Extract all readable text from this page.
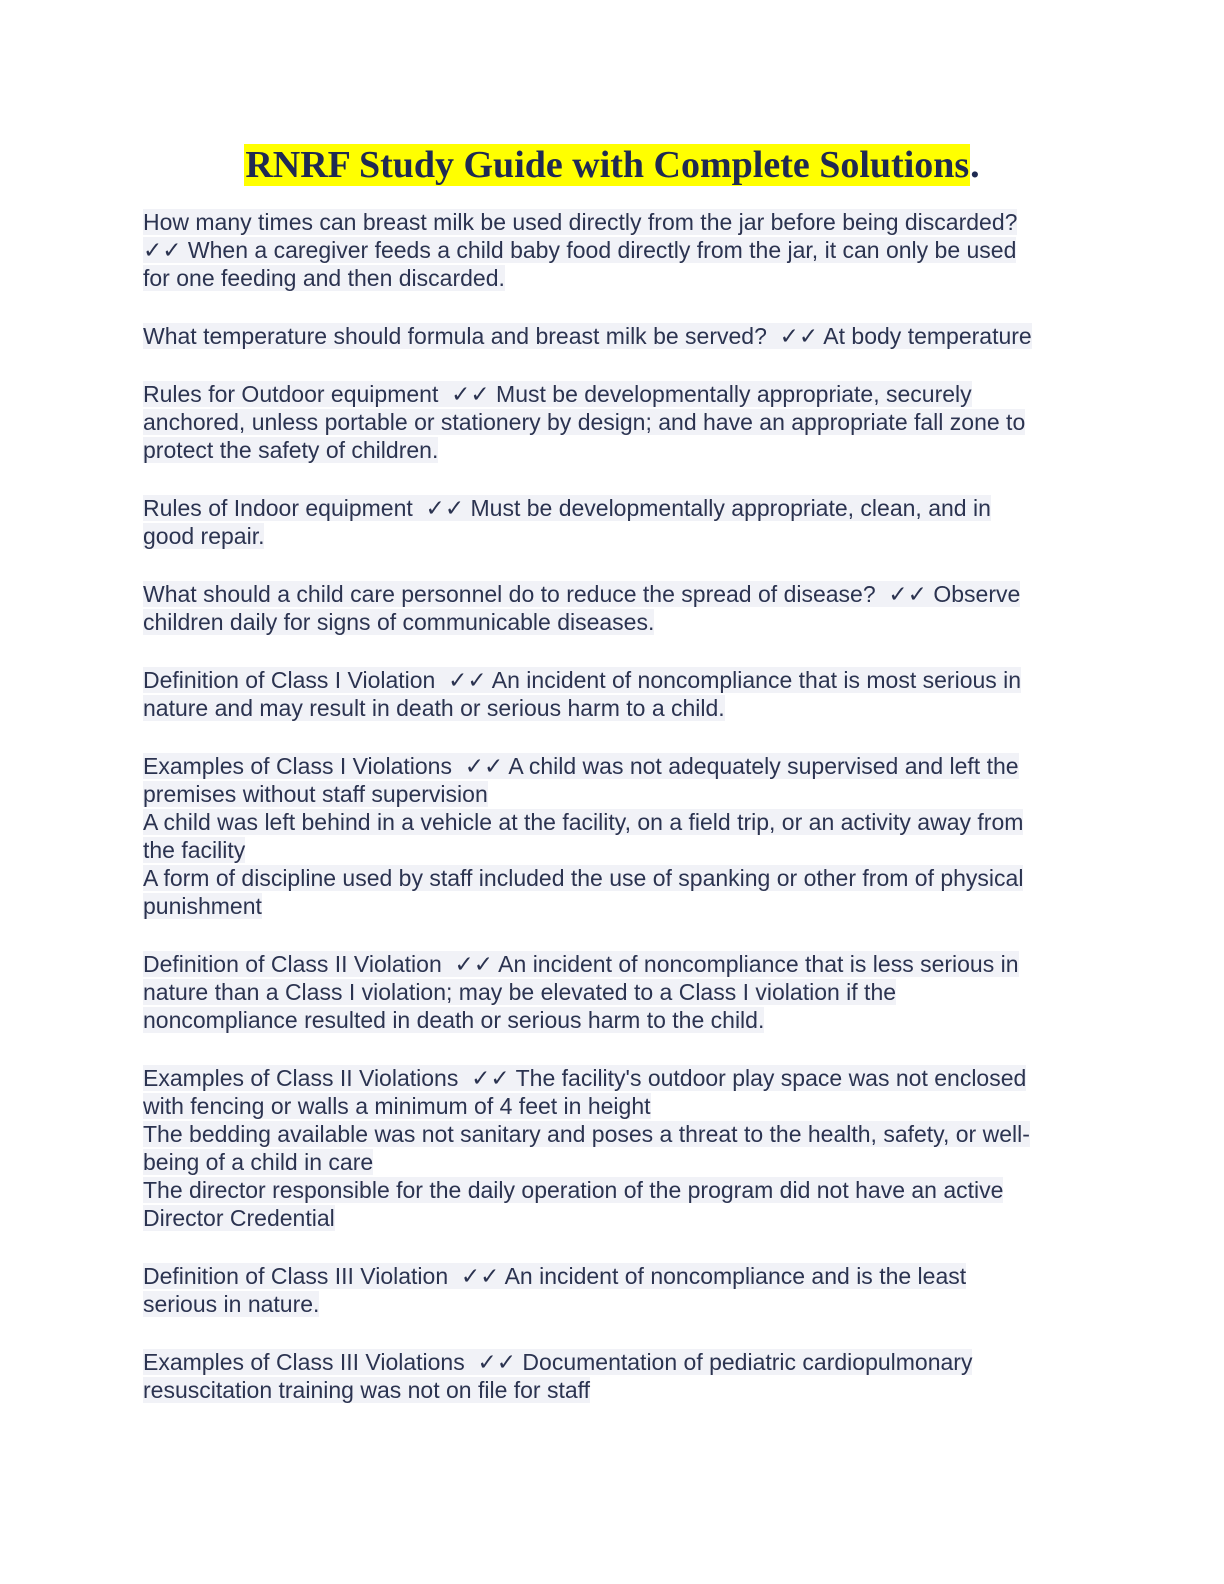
RNRF Study Guide with Complete Solutions.
How many times can breast milk be used directly from the jar before being discarded?
✓✓ When a caregiver feeds a child baby food directly from the jar, it can only be used
for one feeding and then discarded.
What temperature should formula and breast milk be served?  ✓✓ At body temperature
Rules for Outdoor equipment  ✓✓ Must be developmentally appropriate, securely
anchored, unless portable or stationery by design; and have an appropriate fall zone to
protect the safety of children.
Rules of Indoor equipment  ✓✓ Must be developmentally appropriate, clean, and in
good repair.
What should a child care personnel do to reduce the spread of disease?  ✓✓ Observe
children daily for signs of communicable diseases.
Definition of Class I Violation  ✓✓ An incident of noncompliance that is most serious in
nature and may result in death or serious harm to a child.
Examples of Class I Violations  ✓✓ A child was not adequately supervised and left the
premises without staff supervision
A child was left behind in a vehicle at the facility, on a field trip, or an activity away from
the facility
A form of discipline used by staff included the use of spanking or other from of physical
punishment
Definition of Class II Violation  ✓✓ An incident of noncompliance that is less serious in
nature than a Class I violation; may be elevated to a Class I violation if the
noncompliance resulted in death or serious harm to the child.
Examples of Class II Violations  ✓✓ The facility's outdoor play space was not enclosed
with fencing or walls a minimum of 4 feet in height
The bedding available was not sanitary and poses a threat to the health, safety, or well-
being of a child in care
The director responsible for the daily operation of the program did not have an active
Director Credential
Definition of Class III Violation  ✓✓ An incident of noncompliance and is the least
serious in nature.
Examples of Class III Violations  ✓✓ Documentation of pediatric cardiopulmonary
resuscitation training was not on file for staff
